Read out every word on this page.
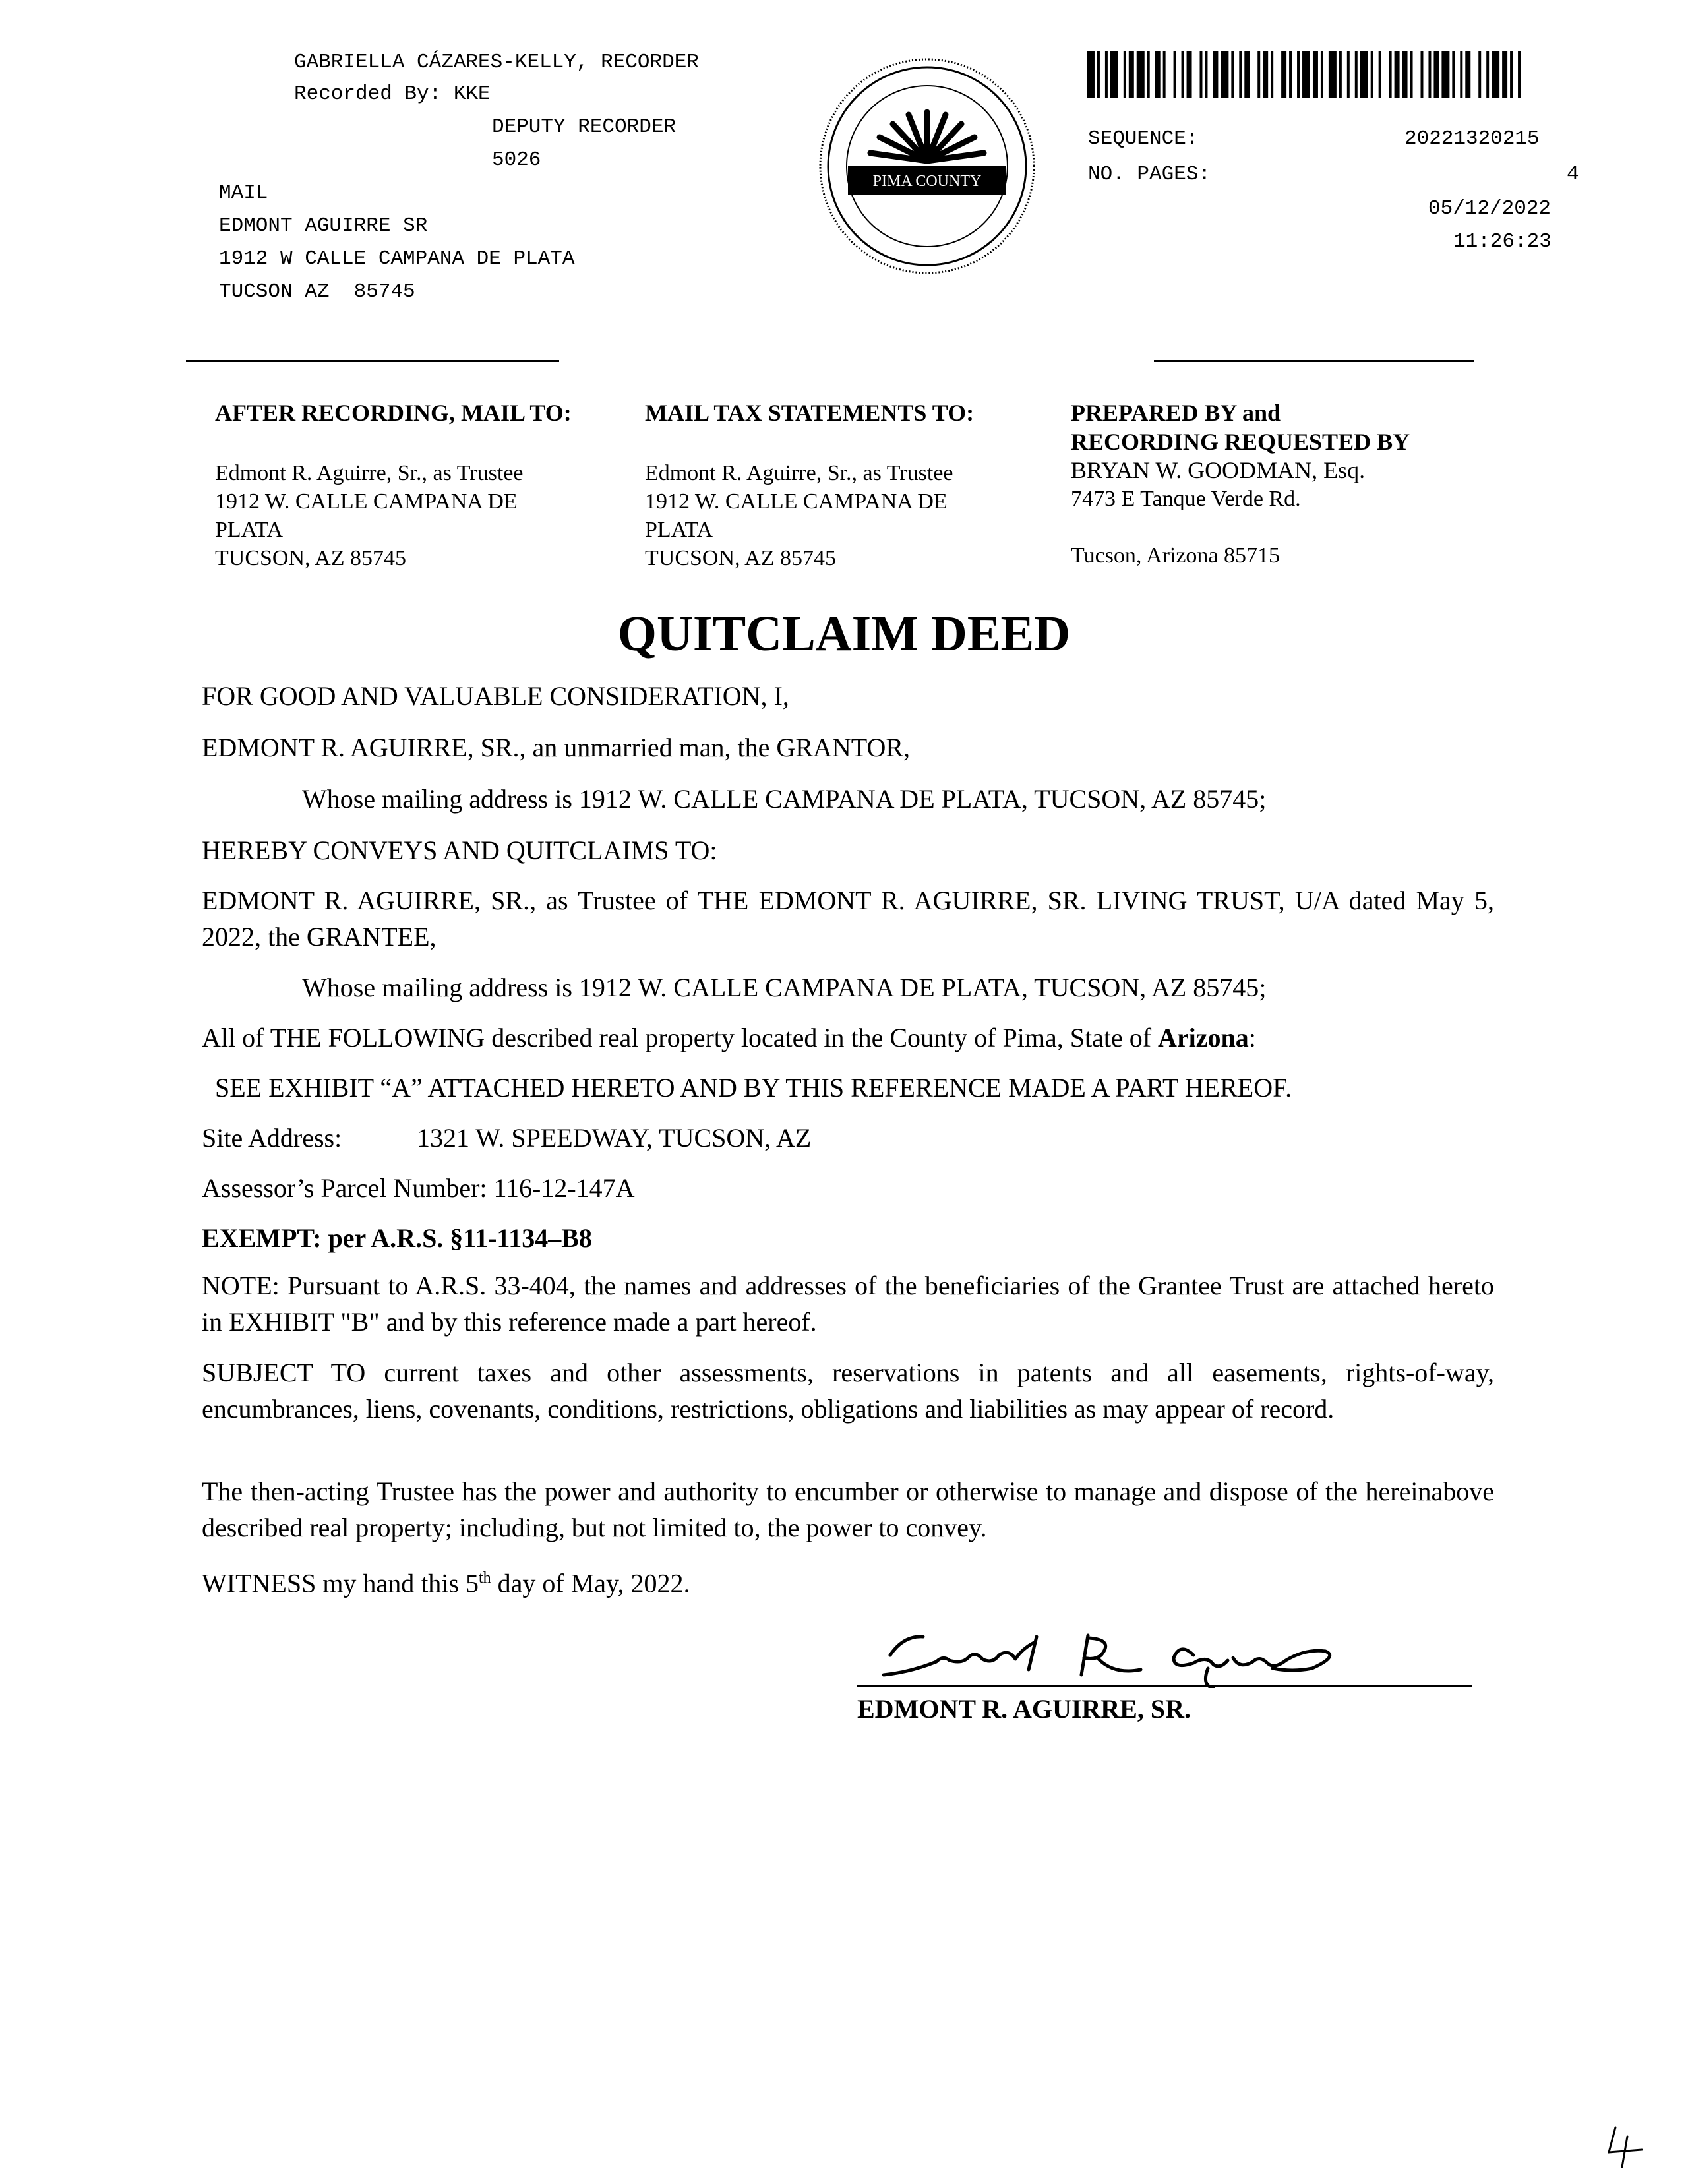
GABRIELLA CÁZARES-KELLY, RECORDER
Recorded By: KKE
DEPUTY RECORDER
5026
MAIL
EDMONT AGUIRRE SR
1912 W CALLE CAMPANA DE PLATA
TUCSON AZ  85745
PIMA COUNTY
SEQUENCE:	20221320215
NO. PAGES:	4
05/12/2022
11:26:23
AFTER RECORDING, MAIL TO:
Edmont R. Aguirre, Sr., as Trustee
1912 W. CALLE CAMPANA DE
PLATA
TUCSON, AZ 85745
MAIL TAX STATEMENTS TO:
Edmont R. Aguirre, Sr., as Trustee
1912 W. CALLE CAMPANA DE
PLATA
TUCSON, AZ 85745
PREPARED BY and
RECORDING REQUESTED BY
BRYAN W. GOODMAN, Esq.
7473 E Tanque Verde Rd.
Tucson, Arizona 85715
QUITCLAIM DEED
FOR GOOD AND VALUABLE CONSIDERATION, I,
EDMONT R. AGUIRRE, SR., an unmarried man, the GRANTOR,
Whose mailing address is 1912 W. CALLE CAMPANA DE PLATA, TUCSON, AZ 85745;
HEREBY CONVEYS AND QUITCLAIMS TO:
EDMONT R. AGUIRRE, SR., as Trustee of THE EDMONT R. AGUIRRE, SR. LIVING TRUST, U/A dated May 5, 2022, the GRANTEE,
Whose mailing address is 1912 W. CALLE CAMPANA DE PLATA, TUCSON, AZ 85745;
All of THE FOLLOWING described real property located in the County of Pima, State of Arizona:
SEE EXHIBIT “A” ATTACHED HERETO AND BY THIS REFERENCE MADE A PART HEREOF.
Site Address:	1321 W. SPEEDWAY, TUCSON, AZ
Assessor’s Parcel Number: 116-12-147A
EXEMPT: per A.R.S. §11-1134–B8
NOTE: Pursuant to A.R.S. 33-404, the names and addresses of the beneficiaries of the Grantee Trust are attached hereto in EXHIBIT "B" and by this reference made a part hereof.
SUBJECT TO current taxes and other assessments, reservations in patents and all easements, rights-of-way, encumbrances, liens, covenants, conditions, restrictions, obligations and liabilities as may appear of record.
The then-acting Trustee has the power and authority to encumber or otherwise to manage and dispose of the hereinabove described real property; including, but not limited to, the power to convey.
WITNESS my hand this 5th day of May, 2022.
EDMONT R. AGUIRRE, SR.
